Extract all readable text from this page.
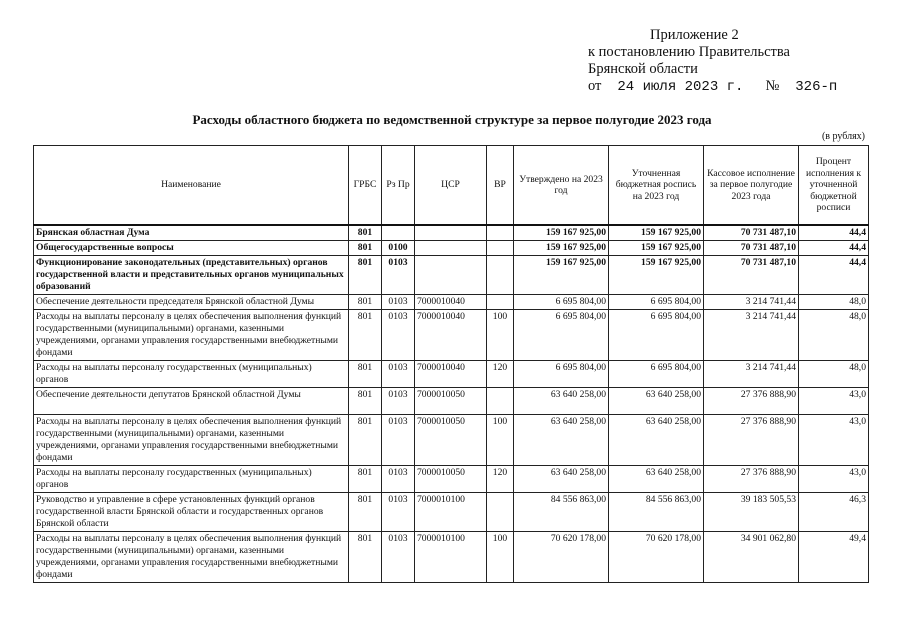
Приложение 2
к постановлению Правительства
Брянской области
от 24 июля 2023 г. № 326-п
Расходы областного бюджета по ведомственной структуре за первое полугодие 2023 года
(в рублях)
Наименование	ГРБС	Рз Пр	ЦСР	ВР	Утверждено на 2023 год	Уточненная бюджетная роспись на 2023 год	Кассовое исполнение за первое полугодие 2023 года	Процент исполнения к уточненной бюджетной росписи
Брянская областная Дума	801				159 167 925,00	159 167 925,00	70 731 487,10	44,4
Общегосударственные вопросы	801	0100			159 167 925,00	159 167 925,00	70 731 487,10	44,4
Функционирование законодательных (представительных) органов государственной власти и представительных органов муниципальных образований	801	0103			159 167 925,00	159 167 925,00	70 731 487,10	44,4
Обеспечение деятельности председателя Брянской областной Думы	801	0103	7000010040		6 695 804,00	6 695 804,00	3 214 741,44	48,0
Расходы на выплаты персоналу в целях обеспечения выполнения функций государственными (муниципальными) органами, казенными учреждениями, органами управления государственными внебюджетными фондами	801	0103	7000010040	100	6 695 804,00	6 695 804,00	3 214 741,44	48,0
Расходы на выплаты персоналу государственных (муниципальных) органов	801	0103	7000010040	120	6 695 804,00	6 695 804,00	3 214 741,44	48,0
Обеспечение деятельности депутатов Брянской областной Думы	801	0103	7000010050		63 640 258,00	63 640 258,00	27 376 888,90	43,0
Расходы на выплаты персоналу в целях обеспечения выполнения функций государственными (муниципальными) органами, казенными учреждениями, органами управления государственными внебюджетными фондами	801	0103	7000010050	100	63 640 258,00	63 640 258,00	27 376 888,90	43,0
Расходы на выплаты персоналу государственных (муниципальных) органов	801	0103	7000010050	120	63 640 258,00	63 640 258,00	27 376 888,90	43,0
Руководство и управление в сфере установленных функций органов государственной власти Брянской области и государственных органов Брянской области	801	0103	7000010100		84 556 863,00	84 556 863,00	39 183 505,53	46,3
Расходы на выплаты персоналу в целях обеспечения выполнения функций государственными (муниципальными) органами, казенными учреждениями, органами управления государственными внебюджетными фондами	801	0103	7000010100	100	70 620 178,00	70 620 178,00	34 901 062,80	49,4
